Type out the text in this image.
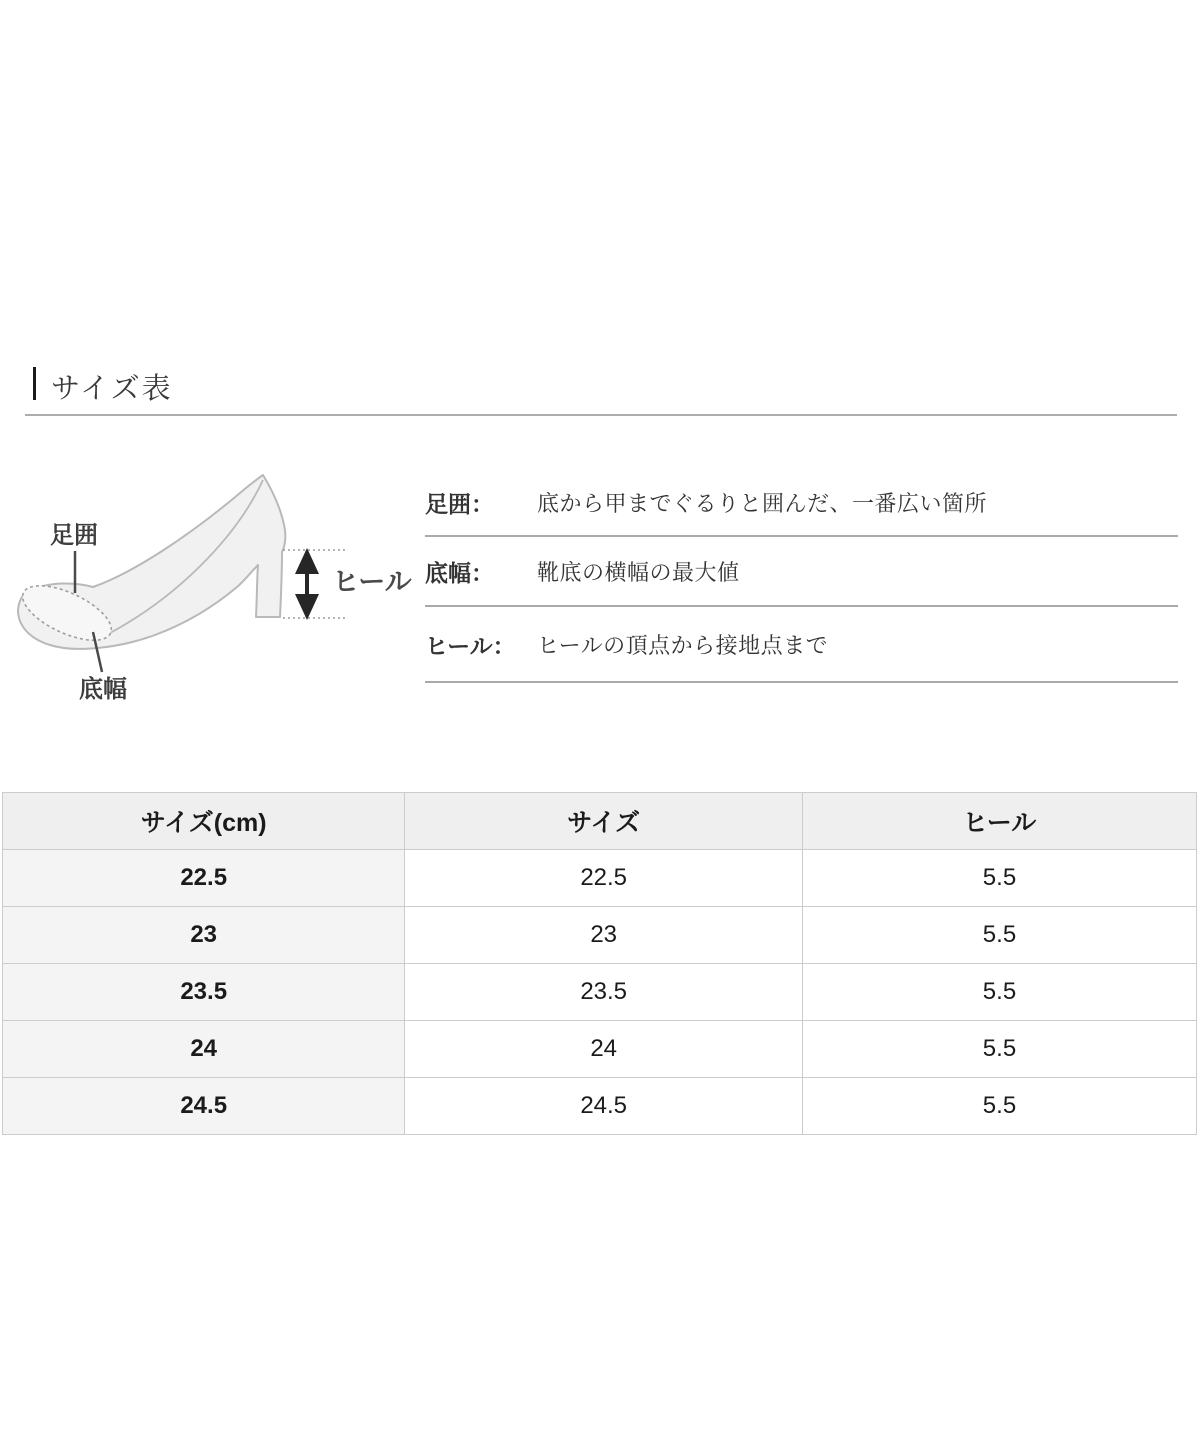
サイズ表
足囲
底幅
ヒール
足囲：	底から甲までぐるりと囲んだ、一番広い箇所
底幅：	靴底の横幅の最大値
ヒール： ヒールの頂点から接地点まで
サイズ(cm)	サイズ	ヒール
22.5	22.5	5.5
23	23	5.5
23.5	23.5	5.5
24	24	5.5
24.5	24.5	5.5
